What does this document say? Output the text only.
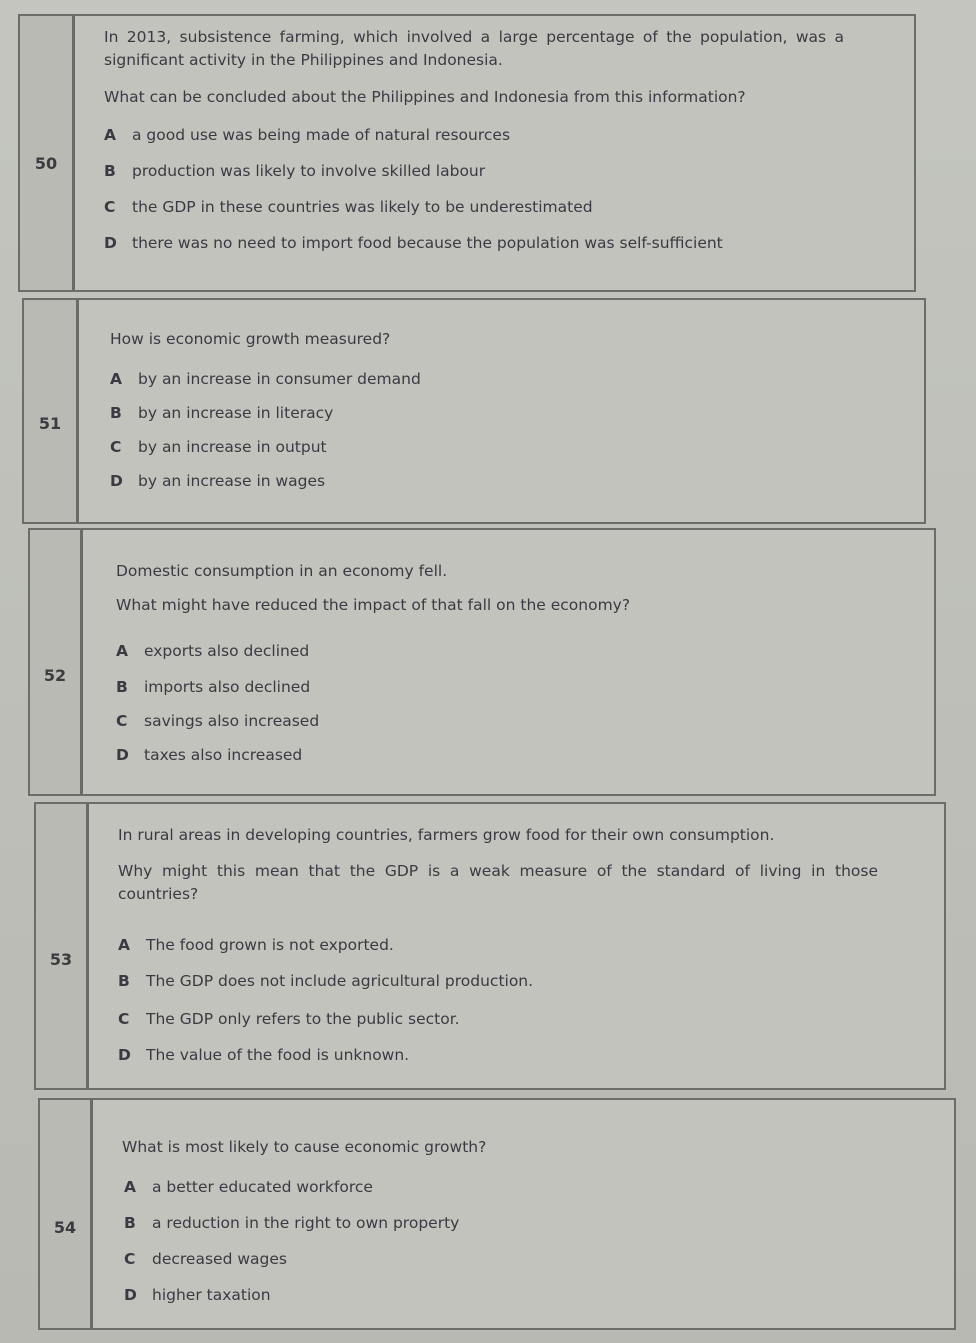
50
In 2013, subsistence farming, which involved a large percentage of the population, was a significant activity in the Philippines and Indonesia.
What can be concluded about the Philippines and Indonesia from this information?
A a good use was being made of natural resources
B production was likely to involve skilled labour
C the GDP in these countries was likely to be underestimated
D there was no need to import food because the population was self-sufficient
51
How is economic growth measured?
A by an increase in consumer demand
B by an increase in literacy
C by an increase in output
D by an increase in wages
52
Domestic consumption in an economy fell.
What might have reduced the impact of that fall on the economy?
A exports also declined
B imports also declined
C savings also increased
D taxes also increased
53
In rural areas in developing countries, farmers grow food for their own consumption.
Why might this mean that the GDP is a weak measure of the standard of living in those countries?
A The food grown is not exported.
B The GDP does not include agricultural production.
C The GDP only refers to the public sector.
D The value of the food is unknown.
54
What is most likely to cause economic growth?
A a better educated workforce
B a reduction in the right to own property
C decreased wages
D higher taxation
